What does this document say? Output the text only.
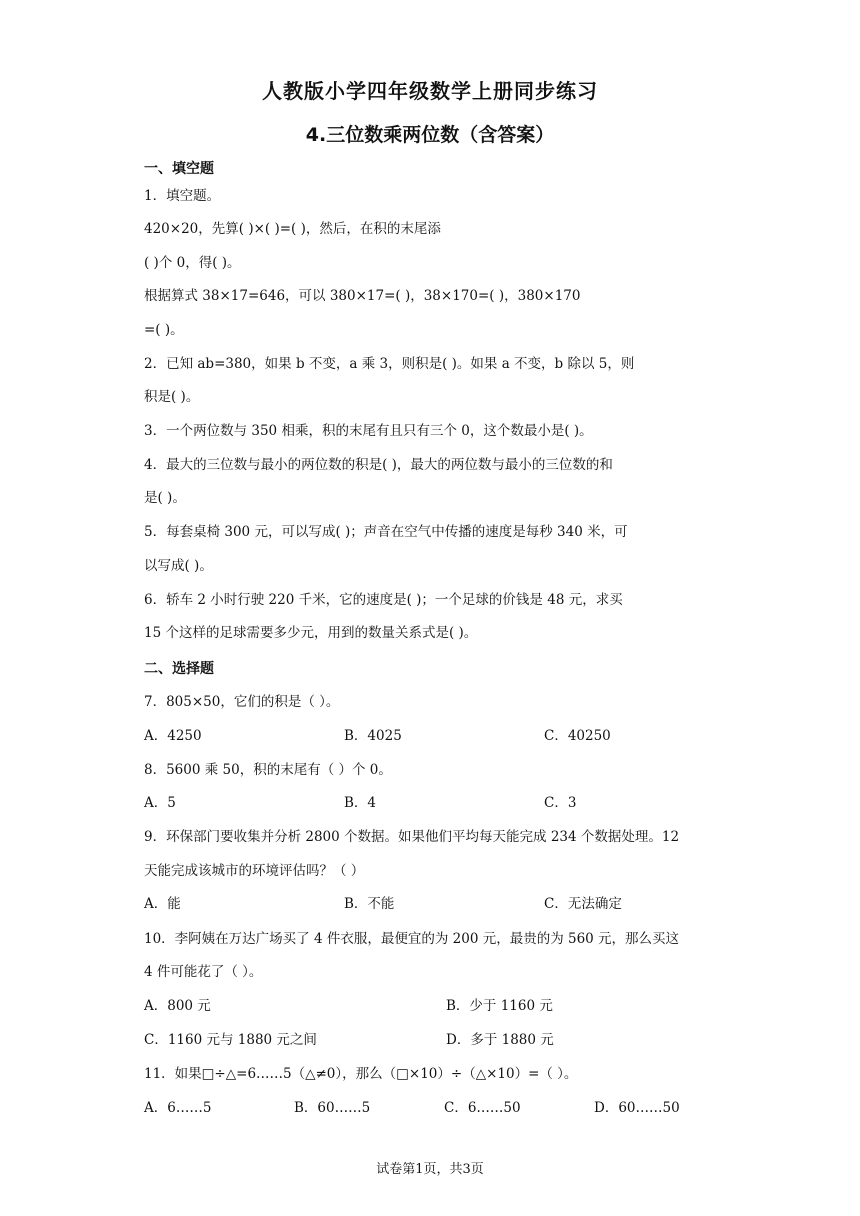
人教版小学四年级数学上册同步练习
4.三位数乘两位数（含答案）
一、填空题
1．填空题。
420×20，先算( )×( )=( )，然后，在积的末尾添
( )个 0，得( )。
根据算式 38×17=646，可以 380×17=( )，38×170=( )，380×170
=( )。
2．已知 ab=380，如果 b 不变，a 乘 3，则积是( )。如果 a 不变，b 除以 5，则
积是( )。
3．一个两位数与 350 相乘，积的末尾有且只有三个 0，这个数最小是( )。
4．最大的三位数与最小的两位数的积是( )，最大的两位数与最小的三位数的和
是( )。
5．每套桌椅 300 元，可以写成( )；声音在空气中传播的速度是每秒 340 米，可
以写成( )。
6．轿车 2 小时行驶 220 千米，它的速度是( )；一个足球的价钱是 48 元，求买
15 个这样的足球需要多少元，用到的数量关系式是( )。
二、选择题
7．805×50，它们的积是（ ）。
A．4250	B．4025	C．40250
8．5600 乘 50，积的末尾有（ ）个 0。
A．5	B．4	C．3
9．环保部门要收集并分析 2800 个数据。如果他们平均每天能完成 234 个数据处理。12
天能完成该城市的环境评估吗？（ ）
A．能	B．不能	C．无法确定
10．李阿姨在万达广场买了 4 件衣服，最便宜的为 200 元，最贵的为 560 元，那么买这
4 件可能花了（ ）。
A．800 元	B．少于 1160 元
C．1160 元与 1880 元之间	D．多于 1880 元
11．如果□÷△=6……5（△≠0），那么（□×10）÷（△×10）=（ ）。
A．6……5	B．60……5	C．6……50	D．60……50
试卷第1页，共3页
